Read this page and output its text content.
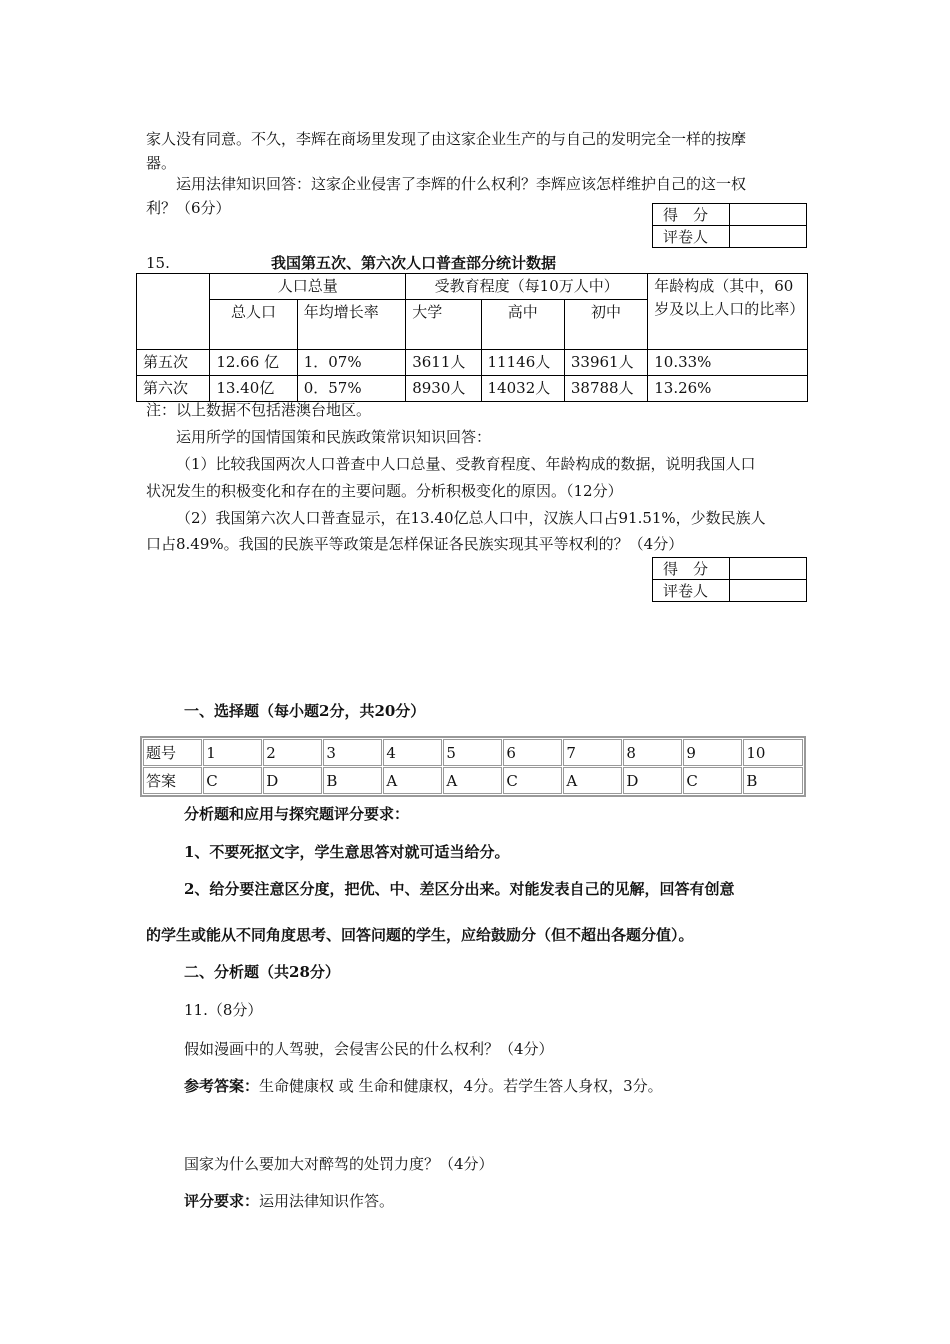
家人没有同意。不久，李辉在商场里发现了由这家企业生产的与自己的发明完全一样的按摩

器。

运用法律知识回答：这家企业侵害了李辉的什么权利？李辉应该怎样维护自己的这一权

利？（6分）	得　分	
评卷人	
15.	我国第五次、第六次人口普查部分统计数据
	人口总量		受教育程度（每10万人中）			年龄构成（其中，60岁及以上人口的比率）
	总人口	年均增长率	大学	高中	初中	
第五次	12.66 亿	1．07%	3611人	11146人	33961人	10.33%
第六次	13.40亿	0．57%	8930人	14032人	38788人	13.26%

注：以上数据不包括港澳台地区。

运用所学的国情国策和民族政策常识知识回答：

（1）比较我国两次人口普查中人口总量、受教育程度、年龄构成的数据，说明我国人口

状况发生的积极变化和存在的主要问题。分析积极变化的原因。（12分）

（2）我国第六次人口普查显示，在13.40亿总人口中，汉族人口占91.51%，少数民族人

口占8.49%。我国的民族平等政策是怎样保证各民族实现其平等权利的？（4分）

得　分	
评卷人	
一、选择题（每小题2分，共20分）
题号	1	2	3	4	5	6	7	8	9	10
答案	C	D	B	A	A	C	A	D	C	B
分析题和应用与探究题评分要求：
1、不要死抠文字，学生意思答对就可适当给分。
2、给分要注意区分度，把优、中、差区分出来。对能发表自己的见解，回答有创意
的学生或能从不同角度思考、回答问题的学生，应给鼓励分（但不超出各题分值）。
二、分析题（共28分）
11.（8分）
假如漫画中的人驾驶，会侵害公民的什么权利？（4分）
参考答案：生命健康权 或 生命和健康权，4分。若学生答人身权，3分。
国家为什么要加大对醉驾的处罚力度？（4分）
评分要求：运用法律知识作答。
